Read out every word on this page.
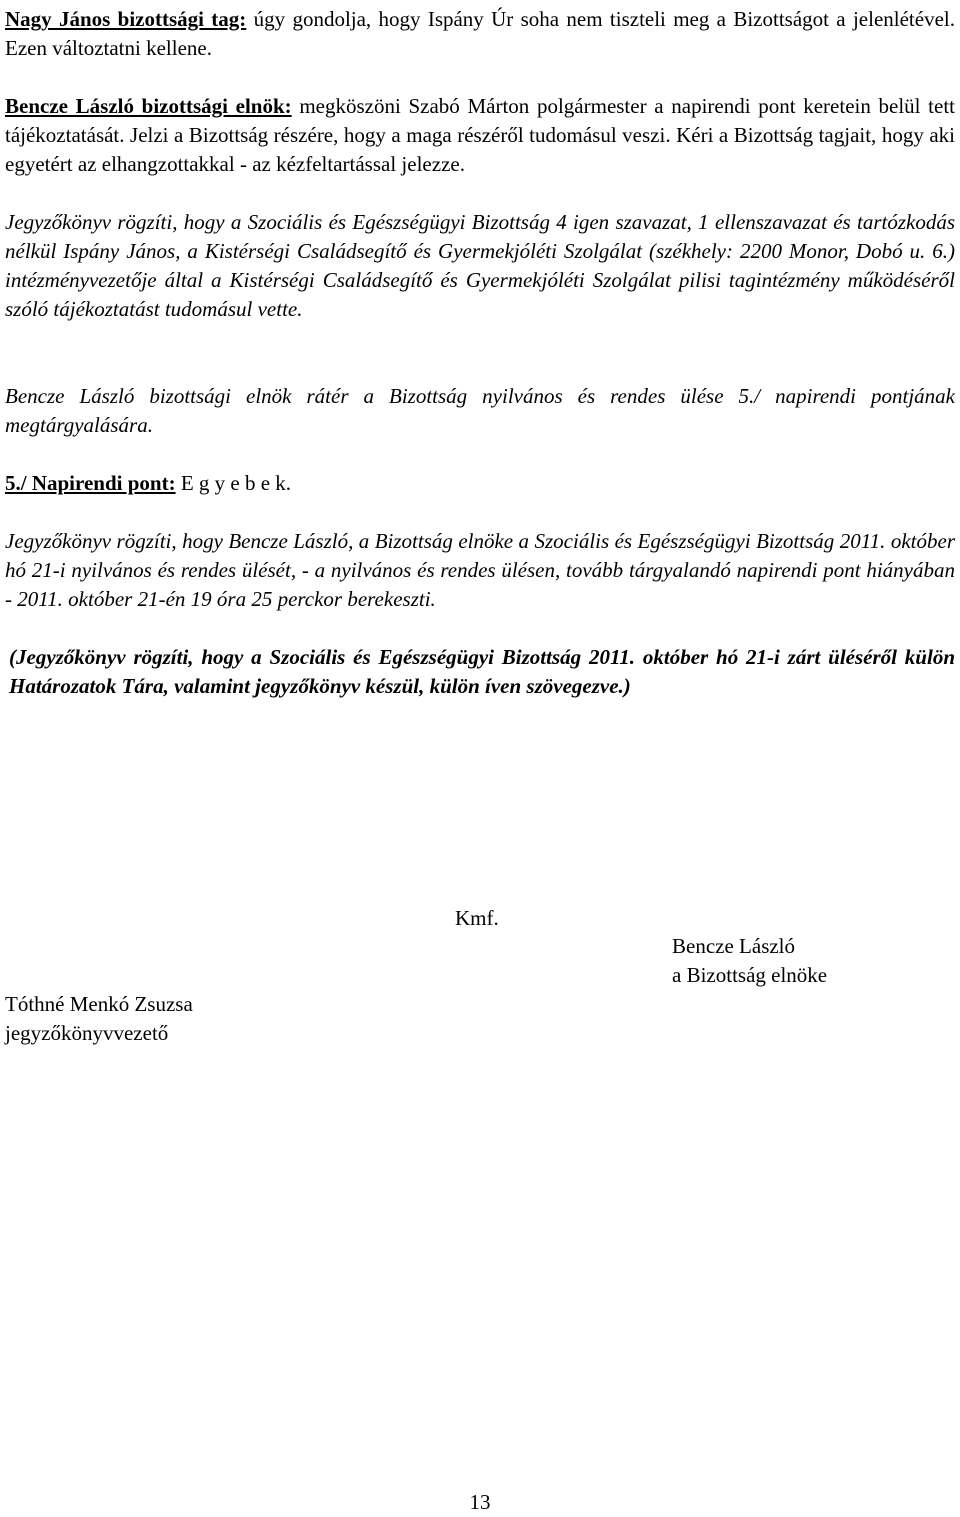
Nagy János bizottsági tag: úgy gondolja, hogy Ispány Úr soha nem tiszteli meg a Bizottságot a jelenlétével. Ezen változtatni kellene.

Bencze László bizottsági elnök: megköszöni Szabó Márton polgármester a napirendi pont keretein belül tett tájékoztatását. Jelzi a Bizottság részére, hogy a maga részéről tudomásul veszi. Kéri a Bizottság tagjait, hogy aki egyetért az elhangzottakkal - az kézfeltartással jelezze.

Jegyzőkönyv rögzíti, hogy a Szociális és Egészségügyi Bizottság 4 igen szavazat, 1 ellenszavazat és tartózkodás nélkül Ispány János, a Kistérségi Családsegítő és Gyermekjóléti Szolgálat (székhely: 2200 Monor, Dobó u. 6.) intézményvezetője által a Kistérségi Családsegítő és Gyermekjóléti Szolgálat pilisi tagintézmény működéséről szóló tájékoztatást tudomásul vette.

Bencze László bizottsági elnök rátér a Bizottság nyilvános és rendes ülése 5./ napirendi pontjának megtárgyalására.

5./ Napirendi pont: E g y e b e k.

Jegyzőkönyv rögzíti, hogy Bencze László, a Bizottság elnöke a Szociális és Egészségügyi Bizottság 2011. október hó 21-i nyilvános és rendes ülését, - a nyilvános és rendes ülésen, tovább tárgyalandó napirendi pont hiányában - 2011. október 21-én 19 óra 25 perckor berekeszti.

(Jegyzőkönyv rögzíti, hogy a Szociális és Egészségügyi Bizottság 2011. október hó 21-i zárt üléséről külön Határozatok Tára, valamint jegyzőkönyv készül, külön íven szövegezve.)

Kmf.
Bencze László
a Bizottság elnöke
Tóthné Menkó Zsuzsa
jegyzőkönyvvezető
13
